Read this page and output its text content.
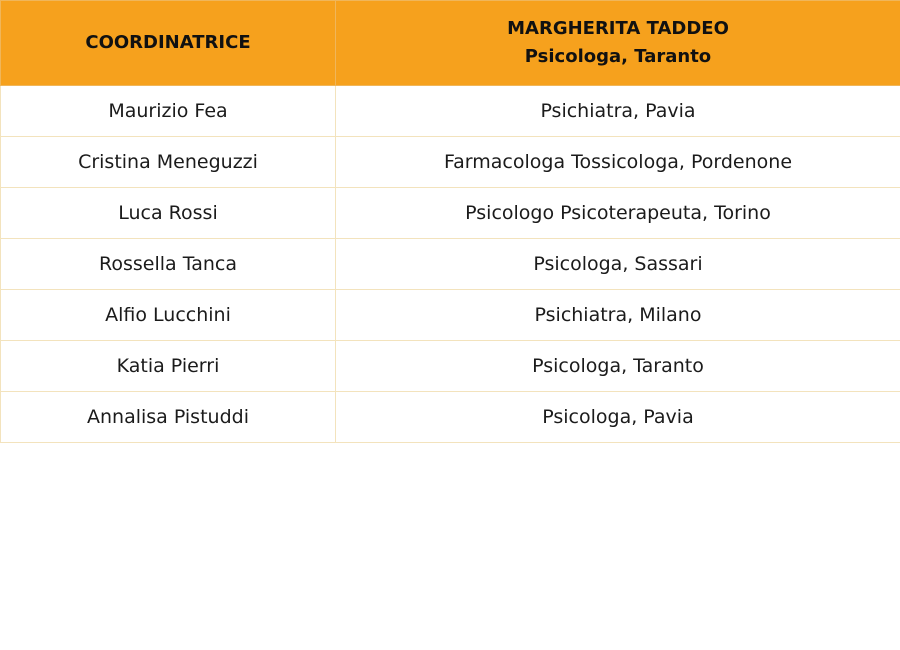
COORDINATRICE	MARGHERITA TADDEO
Psicologa, Taranto

Maurizio Fea	Psichiatra, Pavia
Cristina Meneguzzi	Farmacologa Tossicologa, Pordenone
Luca Rossi	Psicologo Psicoterapeuta, Torino
Rossella Tanca	Psicologa, Sassari
Alfio Lucchini	Psichiatra, Milano
Katia Pierri	Psicologa, Taranto
Annalisa Pistuddi	Psicologa, Pavia
